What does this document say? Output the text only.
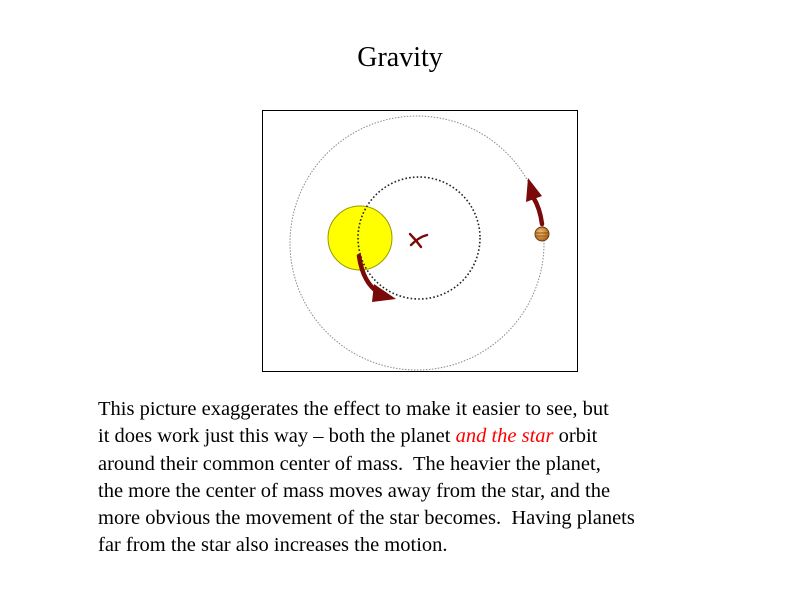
Gravity
This picture exaggerates the effect to make it easier to see, but
it does work just this way – both the planet and the star orbit
around their common center of mass.  The heavier the planet,
the more the center of mass moves away from the star, and the
more obvious the movement of the star becomes.  Having planets
far from the star also increases the motion.
